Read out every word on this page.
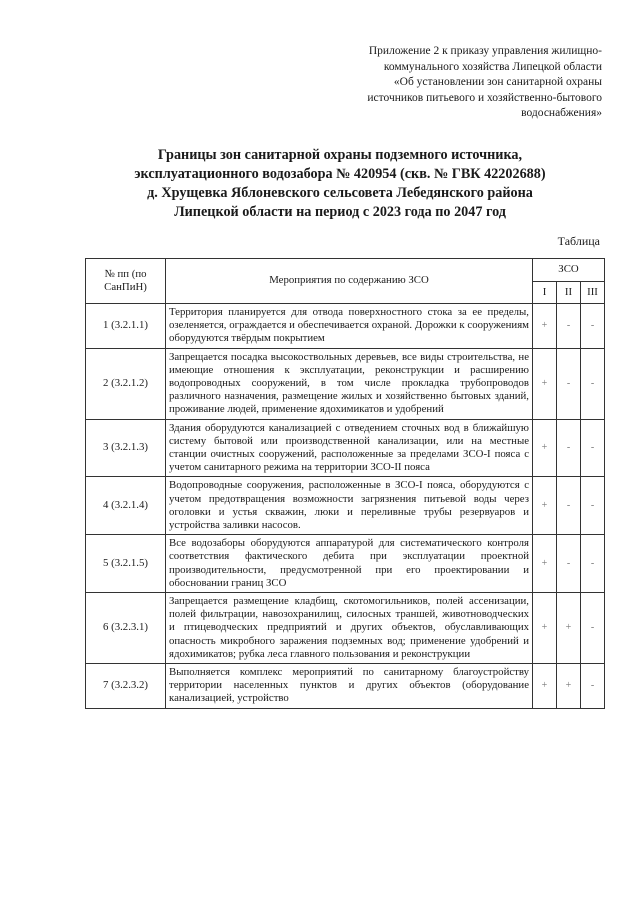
Приложение 2 к приказу управления жилищно-
коммунального хозяйства Липецкой области
«Об установлении зон санитарной охраны
источников питьевого и хозяйственно-бытового
водоснабжения»
Границы зон санитарной охраны подземного источника,
эксплуатационного водозабора № 420954 (скв. № ГВК 42202688)
д. Хрущевка Яблоневского сельсовета Лебедянского района
Липецкой области на период с 2023 года по 2047 год
Таблица
№ пп (по СанПиН)	Мероприятия по содержанию ЗСО	ЗСО		
		I	II	III
1 (3.2.1.1)	Территория планируется для отвода поверхностного стока за ее пределы, озеленяется, ограждается и обеспечивается охраной. Дорожки к сооружениям оборудуются твёрдым покрытием	+	-	-
2 (3.2.1.2)	Запрещается посадка высокоствольных деревьев, все виды строительства, не имеющие отношения к эксплуатации, реконструкции и расширению водопроводных сооружений, в том числе прокладка трубопроводов различного назначения, размещение жилых и хозяйственно бытовых зданий, проживание людей, применение ядохимикатов и удобрений	+	-	-
3 (3.2.1.3)	Здания оборудуются канализацией с отведением сточных вод в ближайшую систему бытовой или производственной канализации, или на местные станции очистных сооружений, расположенные за пределами ЗСО-I пояса с учетом санитарного режима на территории ЗСО-II пояса	+	-	-
4 (3.2.1.4)	Водопроводные сооружения, расположенные в ЗСО-I пояса, оборудуются с учетом предотвращения возможности загрязнения питьевой воды через оголовки и устья скважин, люки и переливные трубы резервуаров и устройства заливки насосов.	+	-	-
5 (3.2.1.5)	Все водозаборы оборудуются аппаратурой для систематического контроля соответствия фактического дебита при эксплуатации проектной производительности, предусмотренной при его проектировании и обосновании границ ЗСО	+	-	-
6 (3.2.3.1)	Запрещается размещение кладбищ, скотомогильников, полей ассенизации, полей фильтрации, навозохранилищ, силосных траншей, животноводческих и птицеводческих предприятий и других объектов, обуславливающих опасность микробного заражения подземных вод; применение удобрений и ядохимикатов; рубка леса главного пользования и реконструкции	+	+	-
7 (3.2.3.2)	Выполняется комплекс мероприятий по санитарному благоустройству территории населенных пунктов и других объектов (оборудование канализацией, устройство	+	+	-
